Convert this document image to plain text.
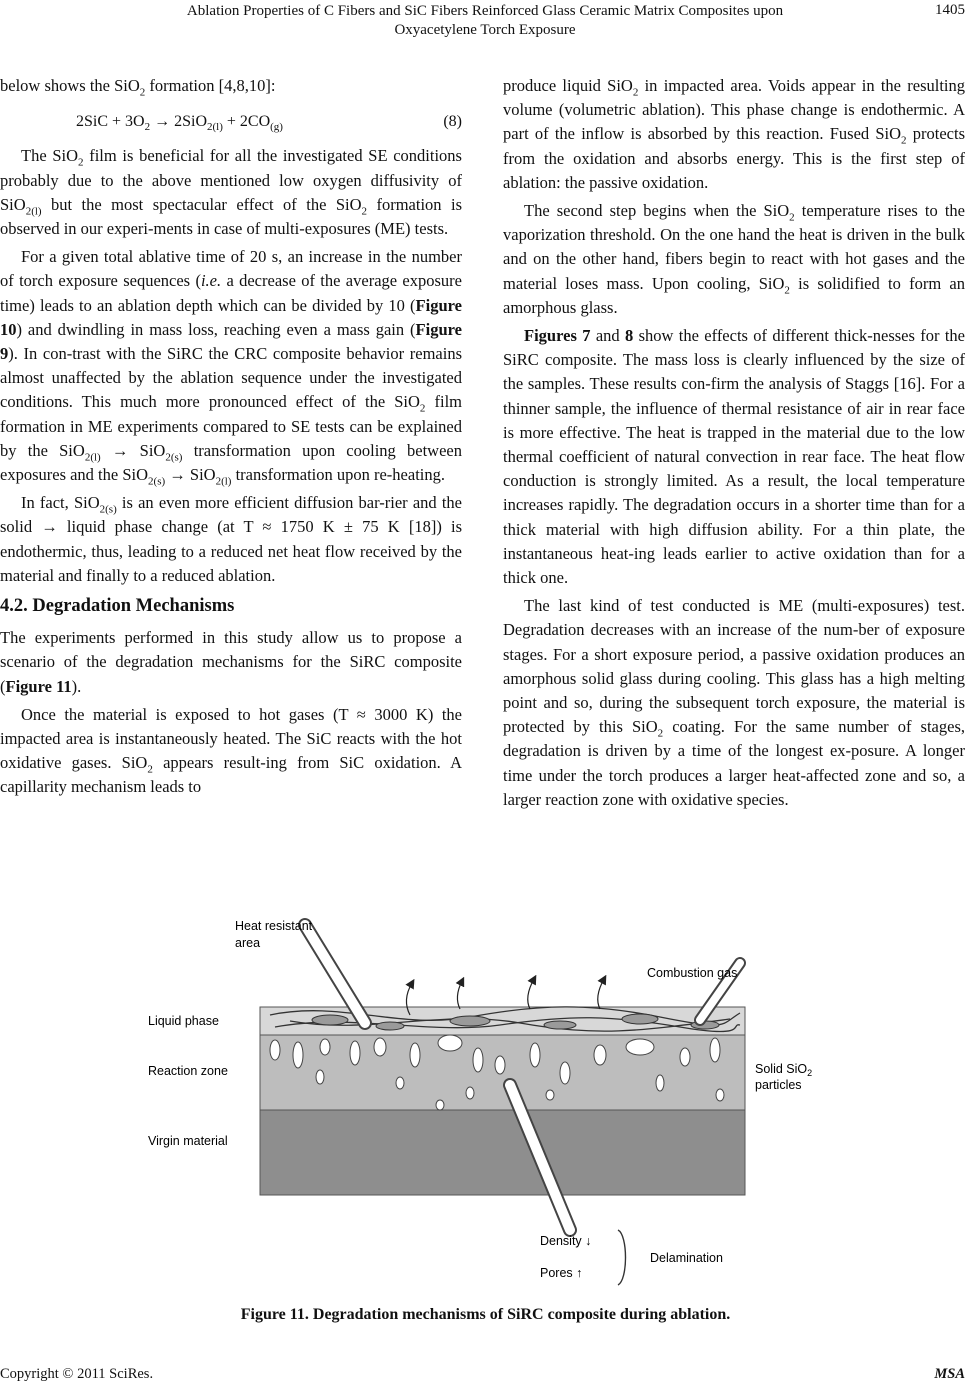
Ablation Properties of C Fibers and SiC Fibers Reinforced Glass Ceramic Matrix Composites upon
Oxyacetylene Torch Exposure
1405

below shows the SiO$_2$ formation [4,8,10]:

$2SiC + 3O_2 \to 2SiO_{2(l)} + 2CO_{(g)}$	(8)

The SiO$_2$ film is beneficial for all the investigated SE conditions probably due to the above mentioned low oxygen diffusivity of SiO$_{2(l)}$ but the most spectacular effect of the SiO$_2$ formation is observed in our experi-ments in case of multi-exposures (ME) tests.

For a given total ablative time of 20 s, an increase in the number of torch exposure sequences (i.e. a decrease of the average exposure time) leads to an ablation depth which can be divided by 10 (Figure 10) and dwindling in mass loss, reaching even a mass gain (Figure 9). In con-trast with the SiRC the CRC composite behavior remains almost unaffected by the ablation sequence under the investigated conditions. This much more pronounced effect of the SiO$_2$ film formation in ME experiments compared to SE tests can be explained by the SiO$_{2(l)}$ → SiO$_{2(s)}$ transformation upon cooling between exposures and the SiO$_{2(s)}$ → SiO$_{2(l)}$ transformation upon re-heating.

In fact, SiO$_{2(s)}$ is an even more efficient diffusion bar-rier and the solid → liquid phase change (at T ≈ 1750 K ± 75 K [18]) is endothermic, thus, leading to a reduced net heat flow received by the material and finally to a reduced ablation.

4.2. Degradation Mechanisms

The experiments performed in this study allow us to propose a scenario of the degradation mechanisms for the SiRC composite (Figure 11).

Once the material is exposed to hot gases (T ≈ 3000 K) the impacted area is instantaneously heated. The SiC reacts with the hot oxidative gases. SiO$_2$ appears result-ing from SiC oxidation. A capillarity mechanism leads to

produce liquid SiO$_2$ in impacted area. Voids appear in the resulting volume (volumetric ablation). This phase change is endothermic. A part of the inflow is absorbed by this reaction. Fused SiO$_2$ protects from the oxidation and absorbs energy. This is the first step of ablation: the passive oxidation.

The second step begins when the SiO$_2$ temperature rises to the vaporization threshold. On the one hand the heat is driven in the bulk and on the other hand, fibers begin to react with hot gases and the material loses mass. Upon cooling, SiO$_2$ is solidified to form an amorphous glass.

Figures 7 and 8 show the effects of different thick-nesses for the SiRC composite. The mass loss is clearly influenced by the size of the samples. These results con-firm the analysis of Staggs [16]. For a thinner sample, the influence of thermal resistance of air in rear face is more effective. The heat is trapped in the material due to the low thermal coefficient of natural convection in rear face. The heat flow conduction is strongly limited. As a result, the local temperature increases rapidly. The degradation occurs in a shorter time than for a thick material with high diffusion ability. For a thin plate, the instantaneous heat-ing leads earlier to active oxidation than for a thick one.

The last kind of test conducted is ME (multi-exposures) test. Degradation decreases with an increase of the num-ber of exposure stages. For a short exposure period, a passive oxidation produces an amorphous solid glass during cooling. This glass has a high melting point and so, during the subsequent torch exposure, the material is protected by this SiO$_2$ coating. For the same number of stages, degradation is driven by a time of the longest ex-posure. A longer time under the torch produces a larger heat-affected zone and so, a larger reaction zone with oxidative species.

Heat resistant
area
Combustion gas
Liquid phase
Reaction zone
Virgin material
Solid SiO$_2$
particles
Density ↓
Pores ↑
Delamination
Figure 11. Degradation mechanisms of SiRC composite during ablation.
Copyright © 2011 SciRes.	MSA
